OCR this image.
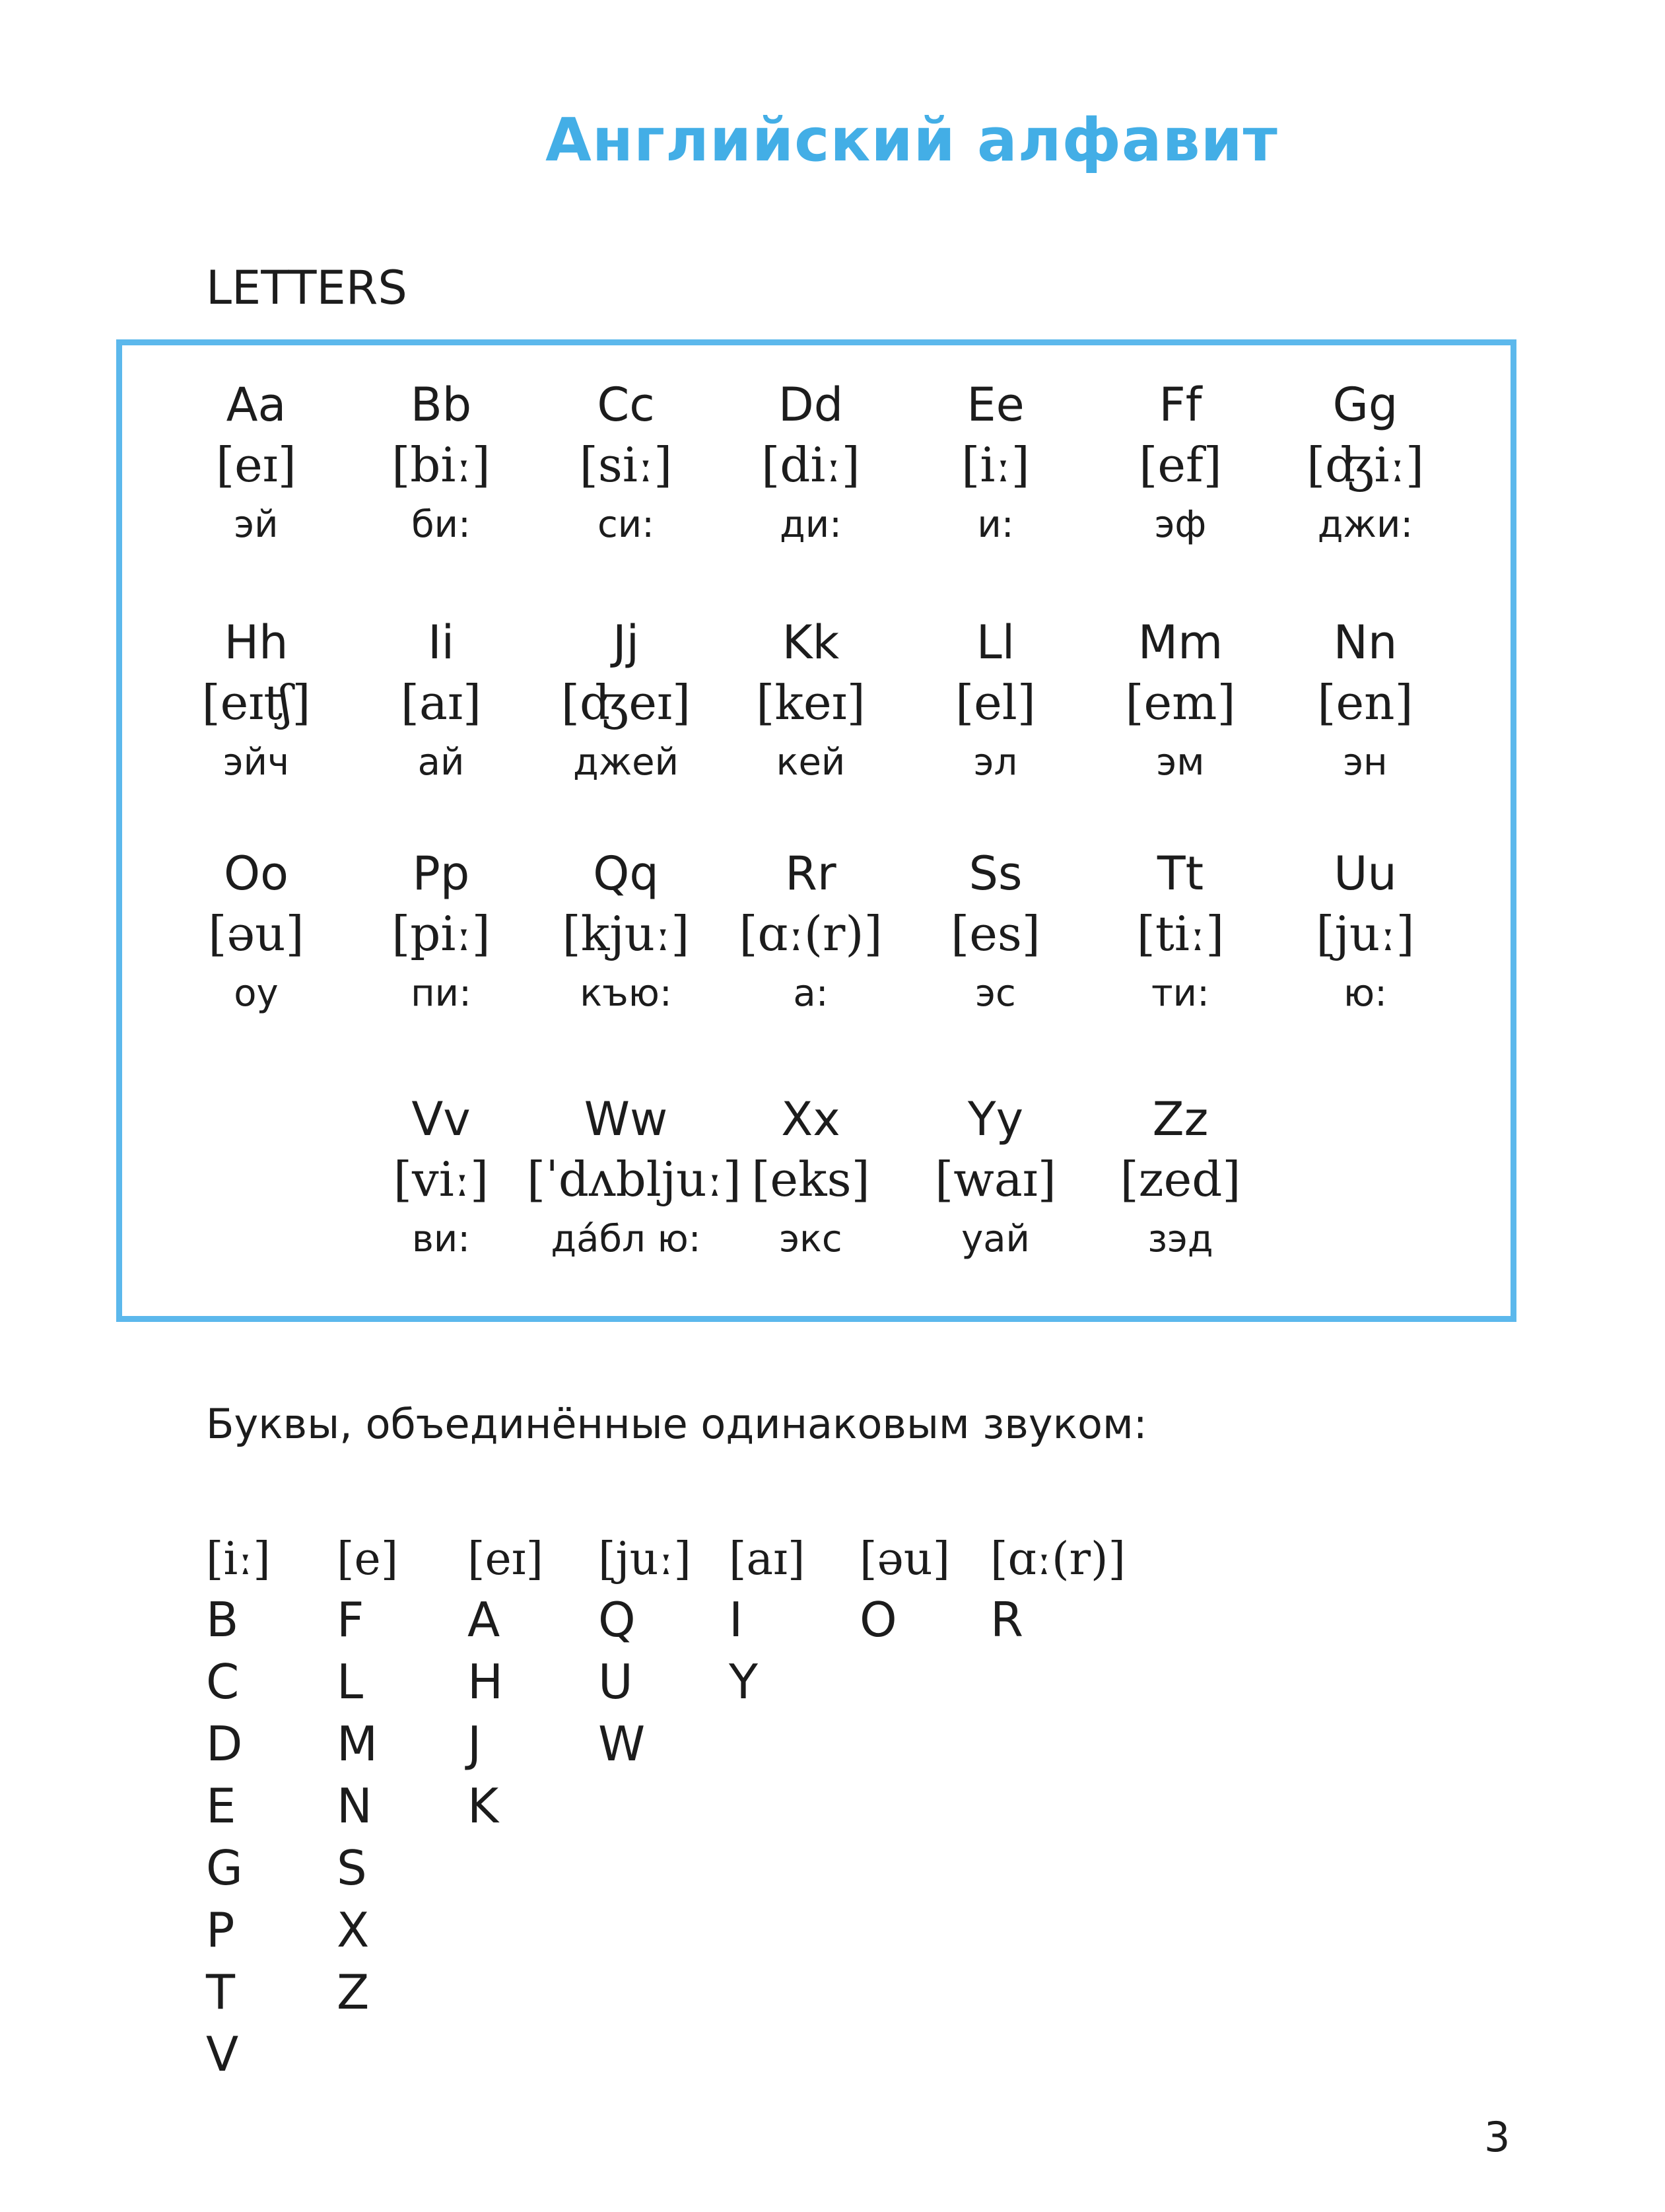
Английский алфавит
LETTERS
Aa
[eɪ]
эй
Bb
[biː]
би:
Cc
[siː]
си:
Dd
[diː]
ди:
Ee
[iː]
и:
Ff
[ef]
эф
Gg
[ʤiː]
джи:
Hh
[eɪʧ]
эйч
Ii
[aɪ]
ай
Jj
[ʤeɪ]
джей
Kk
[keɪ]
кей
Ll
[el]
эл
Mm
[em]
эм
Nn
[en]
эн
Oo
[əu]
оу
Pp
[piː]
пи:
Qq
[kjuː]
къю:
Rr
[ɑː(r)]
а:
Ss
[es]
эс
Tt
[tiː]
ти:
Uu
[juː]
ю:
Vv
[viː]
ви:
Ww
[ˈdʌbljuː]
да́бл ю:
Xx
[eks]
экс
Yy
[waɪ]
уай
Zz
[zed]
зэд
Буквы, объединённые одинаковым звуком:
[iː]
B
C
D
E
G
P
T
V
[e]
F
L
M
N
S
X
Z
[eɪ]
A
H
J
K
[juː]
Q
U
W
[aɪ]
I
Y
[əu]
O
[ɑː(r)]
R
3
